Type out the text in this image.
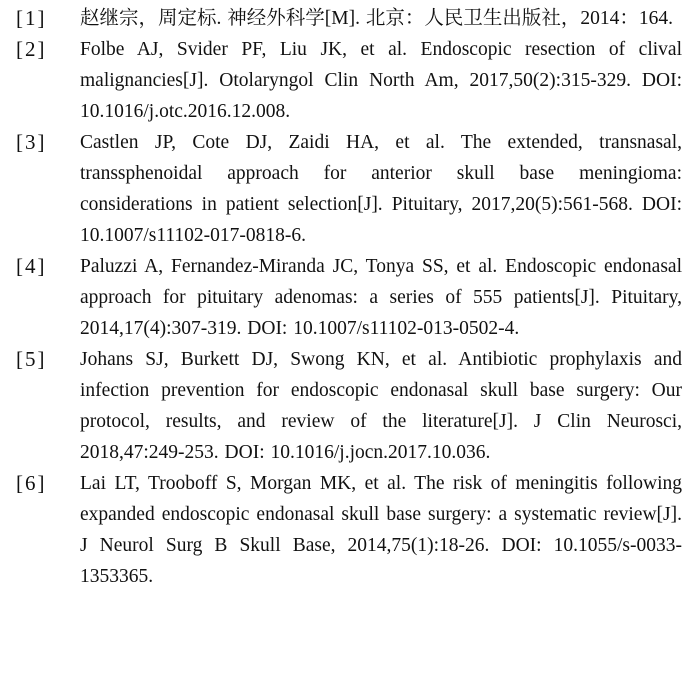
[1] 赵继宗，周定标. 神经外科学[M]. 北京：人民卫生出版社，2014：164.
[2] Folbe AJ, Svider PF, Liu JK, et al. Endoscopic resection of clival malignancies[J]. Otolaryngol Clin North Am, 2017,50(2):315-329. DOI: 10.1016/j.otc.2016.12.008.
[3] Castlen JP, Cote DJ, Zaidi HA, et al. The extended, transnasal, transsphenoidal approach for anterior skull base meningioma: considerations in patient selection[J]. Pituitary, 2017,20(5):561-568. DOI: 10.1007/s11102-017-0818-6.
[4] Paluzzi A, Fernandez-Miranda JC, Tonya SS, et al. Endoscopic endonasal approach for pituitary adenomas: a series of 555 patients[J]. Pituitary, 2014,17(4):307-319. DOI: 10.1007/s11102-013-0502-4.
[5] Johans SJ, Burkett DJ, Swong KN, et al. Antibiotic prophylaxis and infection prevention for endoscopic endonasal skull base surgery: Our protocol, results, and review of the literature[J]. J Clin Neurosci, 2018,47:249-253. DOI: 10.1016/j.jocn.2017.10.036.
[6] Lai LT, Trooboff S, Morgan MK, et al. The risk of meningitis following expanded endoscopic endonasal skull base surgery: a systematic review[J]. J Neurol Surg B Skull Base, 2014,75(1):18-26. DOI: 10.1055/s-0033-1353365.
